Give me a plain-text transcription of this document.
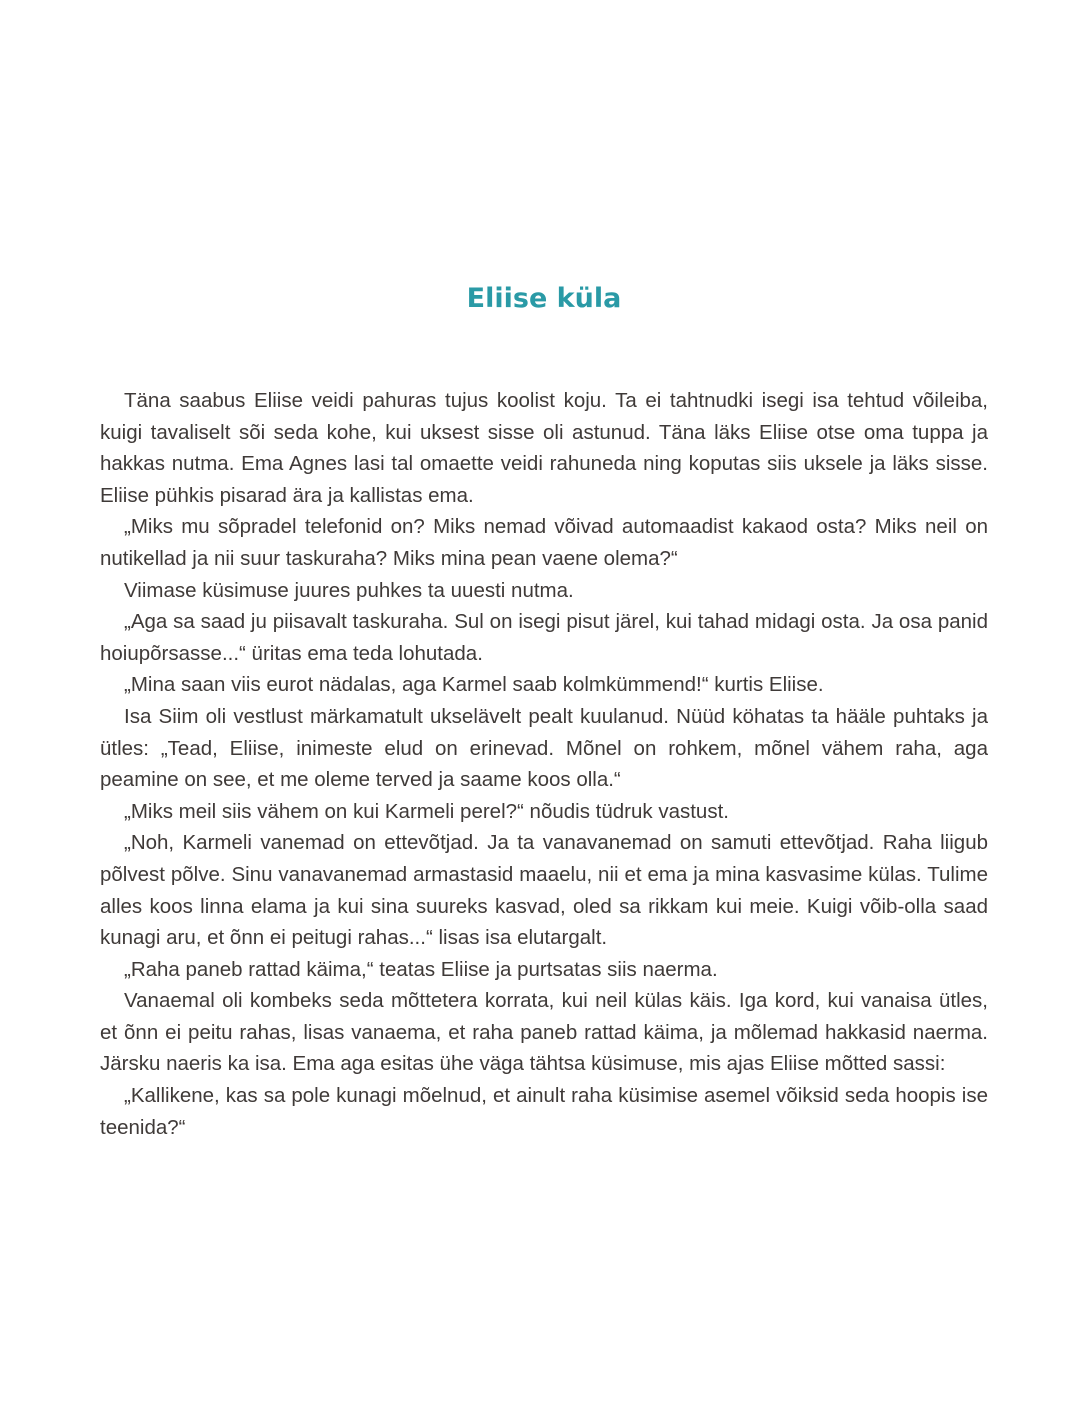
Eliise küla

Täna saabus Eliise veidi pahuras tujus koolist koju. Ta ei tahtnudki isegi isa tehtud võileiba, kuigi tavaliselt sõi seda kohe, kui uksest sisse oli astunud. Täna läks Eliise otse oma tuppa ja hakkas nutma. Ema Agnes lasi tal omaette veidi rahuneda ning koputas siis uksele ja läks sisse. Eliise pühkis pisarad ära ja kallistas ema.

„Miks mu sõpradel telefonid on? Miks nemad võivad automaadist kakaod osta? Miks neil on nutikellad ja nii suur taskuraha? Miks mina pean vaene olema?“

Viimase küsimuse juures puhkes ta uuesti nutma.

„Aga sa saad ju piisavalt taskuraha. Sul on isegi pisut järel, kui tahad midagi osta. Ja osa panid hoiupõrsasse...“ üritas ema teda lohutada.

„Mina saan viis eurot nädalas, aga Karmel saab kolmkümmend!“ kurtis Eliise.

Isa Siim oli vestlust märkamatult ukselävelt pealt kuulanud. Nüüd köhatas ta hääle puhtaks ja ütles: „Tead, Eliise, inimeste elud on erinevad. Mõnel on rohkem, mõnel vähem raha, aga peamine on see, et me oleme terved ja saame koos olla.“

„Miks meil siis vähem on kui Karmeli perel?“ nõudis tüdruk vastust.

„Noh, Karmeli vanemad on ettevõtjad. Ja ta vanavanemad on samuti ettevõtjad. Raha liigub põlvest põlve. Sinu vanavanemad armastasid maaelu, nii et ema ja mina kasvasime külas. Tulime alles koos linna elama ja kui sina suureks kasvad, oled sa rikkam kui meie. Kuigi võib-olla saad kunagi aru, et õnn ei peitugi rahas...“ lisas isa elutargalt.

„Raha paneb rattad käima,“ teatas Eliise ja purtsatas siis naerma.

Vanaemal oli kombeks seda mõttetera korrata, kui neil külas käis. Iga kord, kui vanaisa ütles, et õnn ei peitu rahas, lisas vanaema, et raha paneb rattad käima, ja mõlemad hakkasid naerma. Järsku naeris ka isa. Ema aga esitas ühe väga tähtsa küsimuse, mis ajas Eliise mõtted sassi:

„Kallikene, kas sa pole kunagi mõelnud, et ainult raha küsimise asemel võiksid seda hoopis ise teenida?“
